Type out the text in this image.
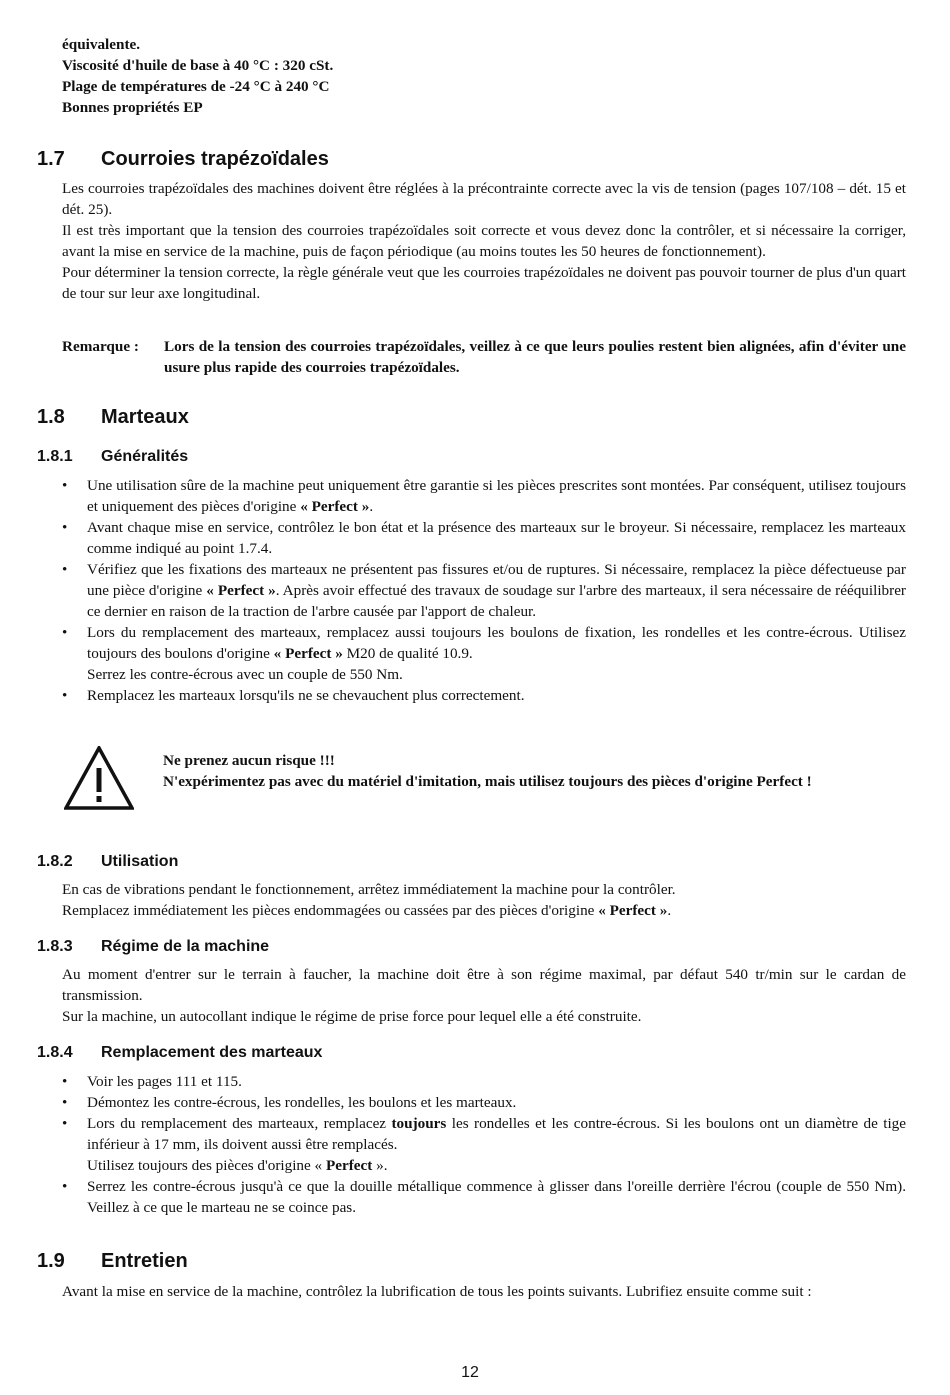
équivalente.
Viscosité d'huile de base à 40 °C : 320 cSt.
Plage de températures de -24 °C à 240 °C
Bonnes propriétés EP
1.7 Courroies trapézoïdales

Les courroies trapézoïdales des machines doivent être réglées à la précontrainte correcte avec la vis de tension (pages 107/108 – dét. 15 et dét. 25).

Il est très important que la tension des courroies trapézoïdales soit correcte et vous devez donc la contrôler, et si nécessaire la corriger, avant la mise en service de la machine, puis de façon périodique (au moins toutes les 50 heures de fonctionnement).

Pour déterminer la tension correcte, la règle générale veut que les courroies trapézoïdales ne doivent pas pouvoir tourner de plus d'un quart de tour sur leur axe longitudinal.

Remarque :	Lors de la tension des courroies trapézoïdales, veillez à ce que leurs poulies restent bien alignées, afin d'éviter une usure plus rapide des courroies trapézoïdales.
1.8 Marteaux
1.8.1 Généralités
•	Une utilisation sûre de la machine peut uniquement être garantie si les pièces prescrites sont montées. Par conséquent, utilisez toujours et uniquement des pièces d'origine « Perfect ».

•	Avant chaque mise en service, contrôlez le bon état et la présence des marteaux sur le broyeur. Si nécessaire, remplacez les marteaux comme indiqué au point 1.7.4.

•	Vérifiez que les fixations des marteaux ne présentent pas fissures et/ou de ruptures. Si nécessaire, remplacez la pièce défectueuse par une pièce d'origine « Perfect ». Après avoir effectué des travaux de soudage sur l'arbre des marteaux, il sera nécessaire de rééquilibrer ce dernier en raison de la traction de l'arbre causée par l'apport de chaleur.

•	Lors du remplacement des marteaux, remplacez aussi toujours les boulons de fixation, les rondelles et les contre-écrous. Utilisez toujours des boulons d'origine « Perfect » M20 de qualité 10.9.

Serrez les contre-écrous avec un couple de 550 Nm.

•	Remplacez les marteaux lorsqu'ils ne se chevauchent plus correctement.

Ne prenez aucun risque !!!
N'expérimentez pas avec du matériel d'imitation, mais utilisez toujours des pièces d'origine Perfect !
1.8.2 Utilisation

En cas de vibrations pendant le fonctionnement, arrêtez immédiatement la machine pour la contrôler.

Remplacez immédiatement les pièces endommagées ou cassées par des pièces d'origine « Perfect ».

1.8.3 Régime de la machine

Au moment d'entrer sur le terrain à faucher, la machine doit être à son régime maximal, par défaut 540 tr/min sur le cardan de transmission.

Sur la machine, un autocollant indique le régime de prise force pour lequel elle a été construite.

1.8.4 Remplacement des marteaux
•	Voir les pages 111 et 115.

•	Démontez les contre-écrous, les rondelles, les boulons et les marteaux.

•	Lors du remplacement des marteaux, remplacez toujours les rondelles et les contre-écrous. Si les boulons ont un diamètre de tige inférieur à 17 mm, ils doivent aussi être remplacés.

Utilisez toujours des pièces d'origine « Perfect ».

•	Serrez les contre-écrous jusqu'à ce que la douille métallique commence à glisser dans l'oreille derrière l'écrou (couple de 550 Nm). Veillez à ce que le marteau ne se coince pas.

1.9 Entretien

Avant la mise en service de la machine, contrôlez la lubrification de tous les points suivants. Lubrifiez ensuite comme suit :

12
